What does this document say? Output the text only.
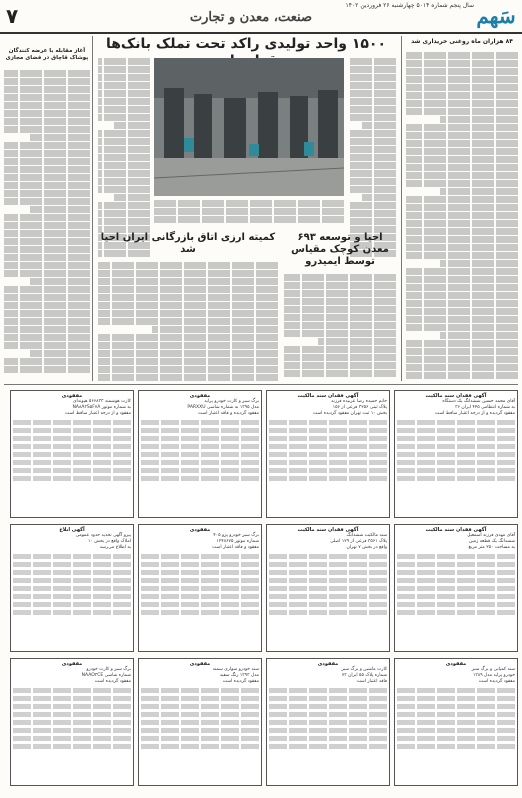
سَهم
سال پنجم شماره ۵۰۱۴ چهارشنبه ۲۶ فروردین ۱۴۰۲
صنعت، معدن و تجارت
۷
۸۴ هزاران ماه روغنی خریداری شد
۱۵۰۰ واحد تولیدی راکد تحت تملک بانک‌ها
آغاز مقابله با عرضه کنندگان پوشاک قاچاق در فضای مجازی
احیا و توسعه ۶۹۳ معدن کوچک مقیاس توسط ایمیدرو
کمیته ارزی اتاق بازرگانی ایران احیا شد
آگهی فقدان سند مالکیت
آقای محمد حسین ششدانگ یک دستگاه
به شماره انتظامی ۴۴۵ ایران ۳۶
مفقود گردیده و از درجه اعتبار ساقط است
آگهی فقدان سند مالکیت
خانم حمیده رضا عربیده فرزند
پلاک ثبتی ۳۲۵۶ فرعی از ۱۵۶
بخش ۱۰ ثبت تهران مفقود گردیده است
مفقودی
برگ سبز و کارت خودرو پراید
مدل ۱۳۹۵ به شماره شاسی PARXXU
مفقود گردیده و فاقد اعتبار است
مفقودی
کارت هوشمند ۵۶۶۸۳۳ هیوندای
به شماره موتور NA۸A۳S۵F۷A
مفقود و از درجه اعتبار ساقط است
آگهی فقدان سند مالکیت
آقای مهدی فرزند اسمعیل
ششدانگ یک قطعه زمین
به مساحت ۲۵۰ متر مربع
آگهی فقدان سند مالکیت
سند مالکیت ششدانگ
پلاک ۳۵۶۱ فرعی از ۱۲۹ اصلی
واقع در بخش ۷ تهران
مفقودی
برگ سبز خودرو پژو ۴۰۵
شماره موتور ۱۲۴۸۶۷۵
مفقود و فاقد اعتبار است
آگهی ابلاغ
پیرو آگهی تحدید حدود عمومی
املاک واقع در بخش ۱۰
به اطلاع می‌رسد
مفقودی
سند کمپانی و برگ سبز
خودرو پراید مدل ۱۳۸۹
مفقود گردیده است
مفقودی
کارت ماشین و برگ سبز
شماره پلاک ۵۵ ایران ۷۳
فاقد اعتبار است
مفقودی
سند خودرو سواری سمند
مدل ۱۳۹۳ رنگ سفید
مفقود گردیده است
مفقودی
برگ سبز و کارت خودرو
شماره شاسی NAAO۳CE
مفقود گردیده است
